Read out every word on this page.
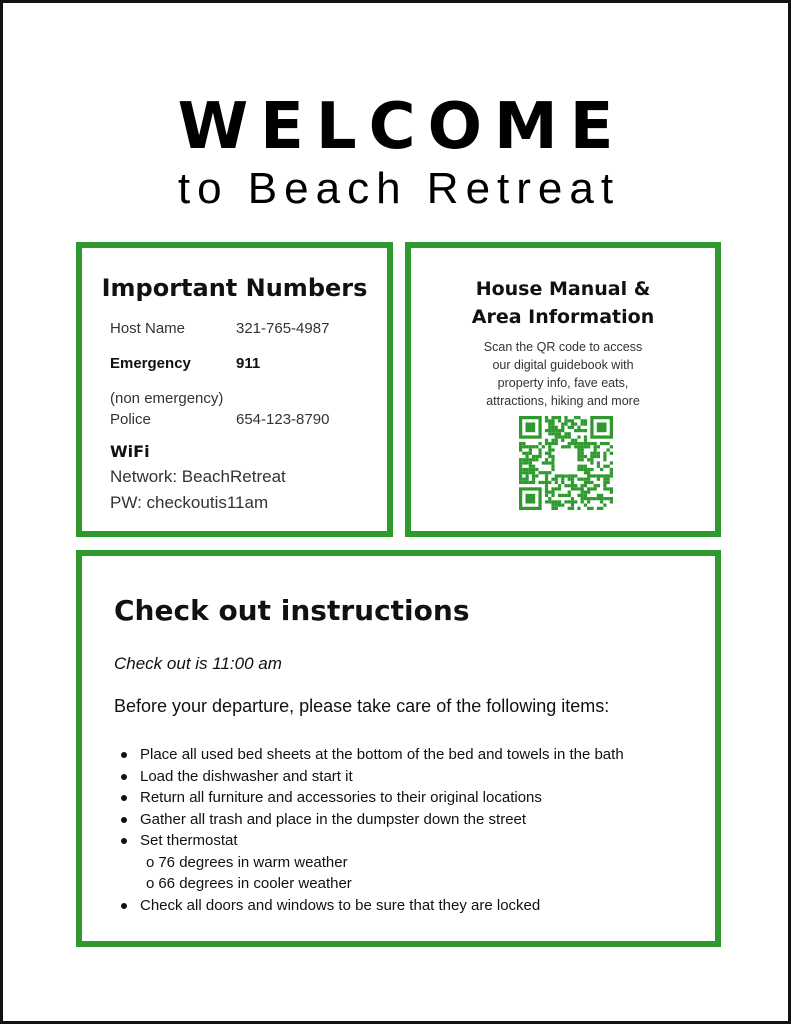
WELCOME
to Beach Retreat
Important Numbers
Host Name	321-765-4987
Emergency	911
(non emergency)
Police	654-123-8790
WiFi
Network: BeachRetreat
PW: checkoutis11am
House Manual &
Area Information
Scan the QR code to access
our digital guidebook with
property info, fave eats,
attractions, hiking and more
Check out instructions
Check out is 11:00 am
Before your departure, please take care of the following items:
Place all used bed sheets at the bottom of the bed and towels in the bath
Load the dishwasher and start it
Return all furniture and accessories to their original locations
Gather all trash and place in the dumpster down the street
Set thermostat
o 76 degrees in warm weather
o 66 degrees in cooler weather
Check all doors and windows to be sure that they are locked
